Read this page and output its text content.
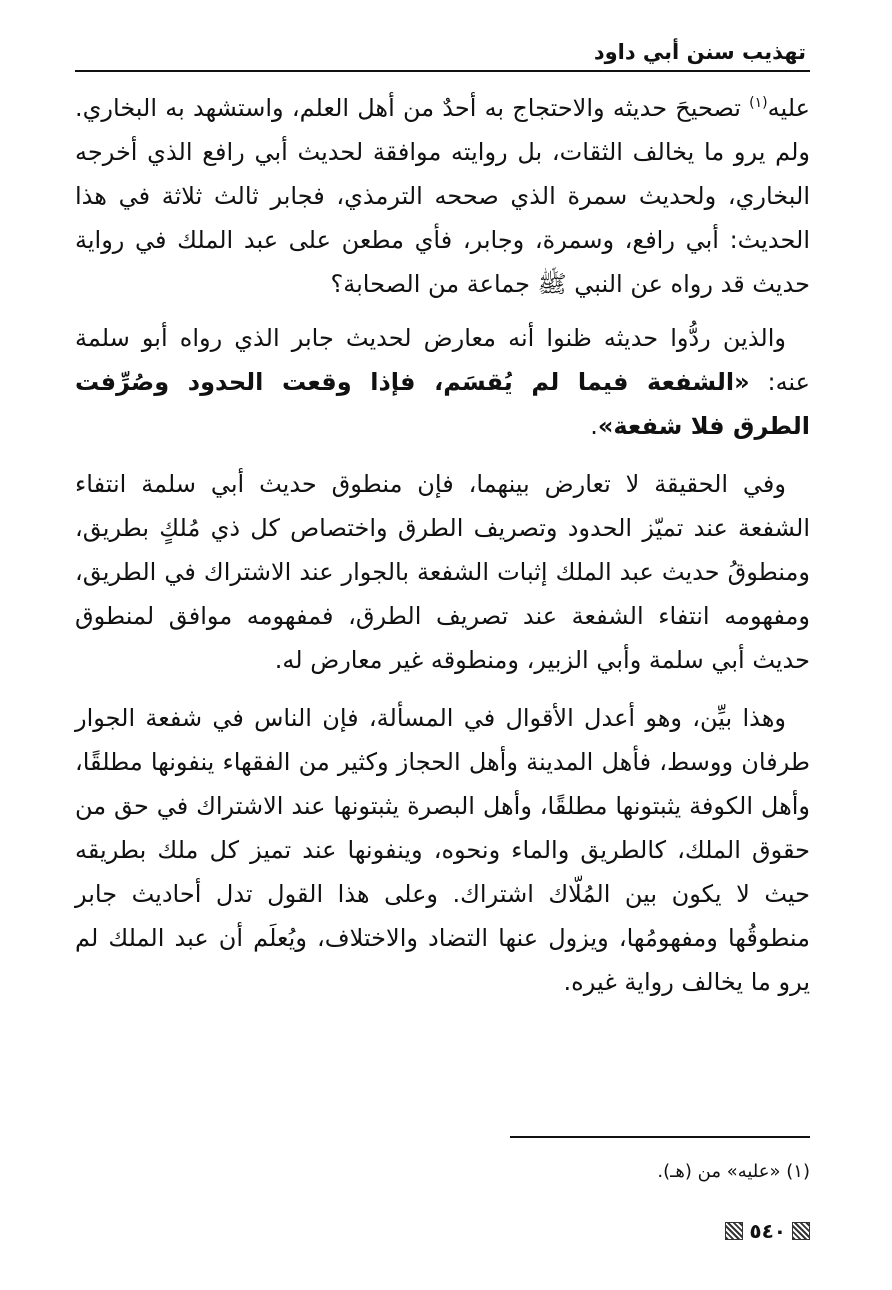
تهذيب سنن أبي داود

عليه$^{(١)}$ تصحيحَ حديثه والاحتجاج به أحدٌ من أهل العلم، واستشهد به البخاري. ولم يرو ما يخالف الثقات، بل روايته موافقة لحديث أبي رافع الذي أخرجه البخاري، ولحديث سمرة الذي صححه الترمذي، فجابر ثالث ثلاثة في هذا الحديث: أبي رافع، وسمرة، وجابر، فأي مطعن على عبد الملك في رواية حديث قد رواه عن النبي ﷺ جماعة من الصحابة؟

والذين ردُّوا حديثه ظنوا أنه معارض لحديث جابر الذي رواه أبو سلمة عنه: «الشفعة فيما لم يُقسَم، فإذا وقعت الحدود وصُرِّفت الطرق فلا شفعة».

وفي الحقيقة لا تعارض بينهما، فإن منطوق حديث أبي سلمة انتفاء الشفعة عند تميّز الحدود وتصريف الطرق واختصاص كل ذي مُلكٍ بطريق، ومنطوقُ حديث عبد الملك إثبات الشفعة بالجوار عند الاشتراك في الطريق، ومفهومه انتفاء الشفعة عند تصريف الطرق، فمفهومه موافق لمنطوق حديث أبي سلمة وأبي الزبير، ومنطوقه غير معارض له.

وهذا بيِّن، وهو أعدل الأقوال في المسألة، فإن الناس في شفعة الجوار طرفان ووسط، فأهل المدينة وأهل الحجاز وكثير من الفقهاء ينفونها مطلقًا، وأهل الكوفة يثبتونها مطلقًا، وأهل البصرة يثبتونها عند الاشتراك في حق من حقوق الملك، كالطريق والماء ونحوه، وينفونها عند تميز كل ملك بطريقه حيث لا يكون بين المُلّاك اشتراك. وعلى هذا القول تدل أحاديث جابر منطوقُها ومفهومُها، ويزول عنها التضاد والاختلاف، ويُعلَم أن عبد الملك لم يرو ما يخالف رواية غيره.

(١) «عليه» من (هـ).
٥٤٠
